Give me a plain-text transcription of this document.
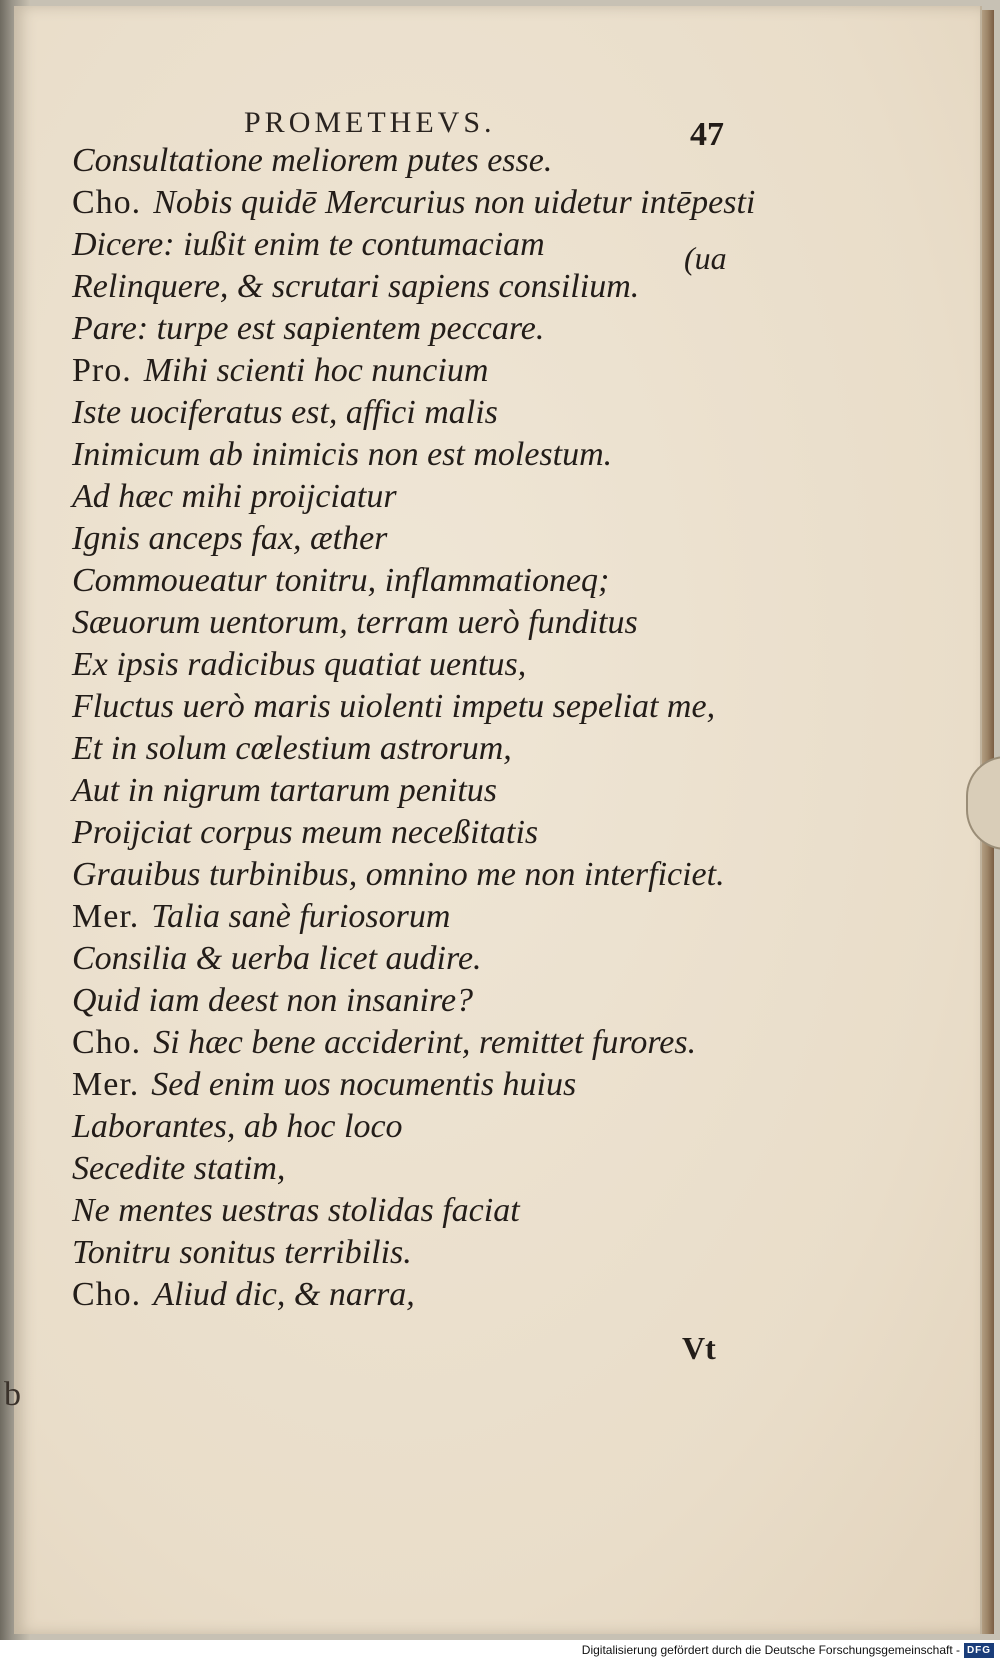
PROMETHEVS.	47
(ua
Consultatione meliorem putes esse.
Cho. Nobis quidē Mercurius non uidetur intēpesti
Dicere: iußit enim te contumaciam
Relinquere, & scrutari sapiens consilium.
Pare: turpe est sapientem peccare.
Pro. Mihi scienti hoc nuncium
Iste uociferatus est, affici malis
Inimicum ab inimicis non est molestum.
Ad hæc mihi proijciatur
Ignis anceps fax, æther
Commoueatur tonitru, inflammationeq;
Sæuorum uentorum, terram uerò funditus
Ex ipsis radicibus quatiat uentus,
Fluctus uerò maris uiolenti impetu sepeliat me,
Et in solum cœlestium astrorum,
Aut in nigrum tartarum penitus
Proijciat corpus meum neceßitatis
Grauibus turbinibus, omnino me non interficiet.
Mer. Talia sanè furiosorum
Consilia & uerba licet audire.
Quid iam deest non insanire?
Cho. Si hæc bene acciderint, remittet furores.
Mer. Sed enim uos nocumentis huius
Laborantes, ab hoc loco
Secedite statim,
Ne mentes uestras stolidas faciat
Tonitru sonitus terribilis.
Cho. Aliud dic, & narra,
Vt
b
Digitalisierung gefördert durch die Deutsche Forschungsgemeinschaft - DFG
